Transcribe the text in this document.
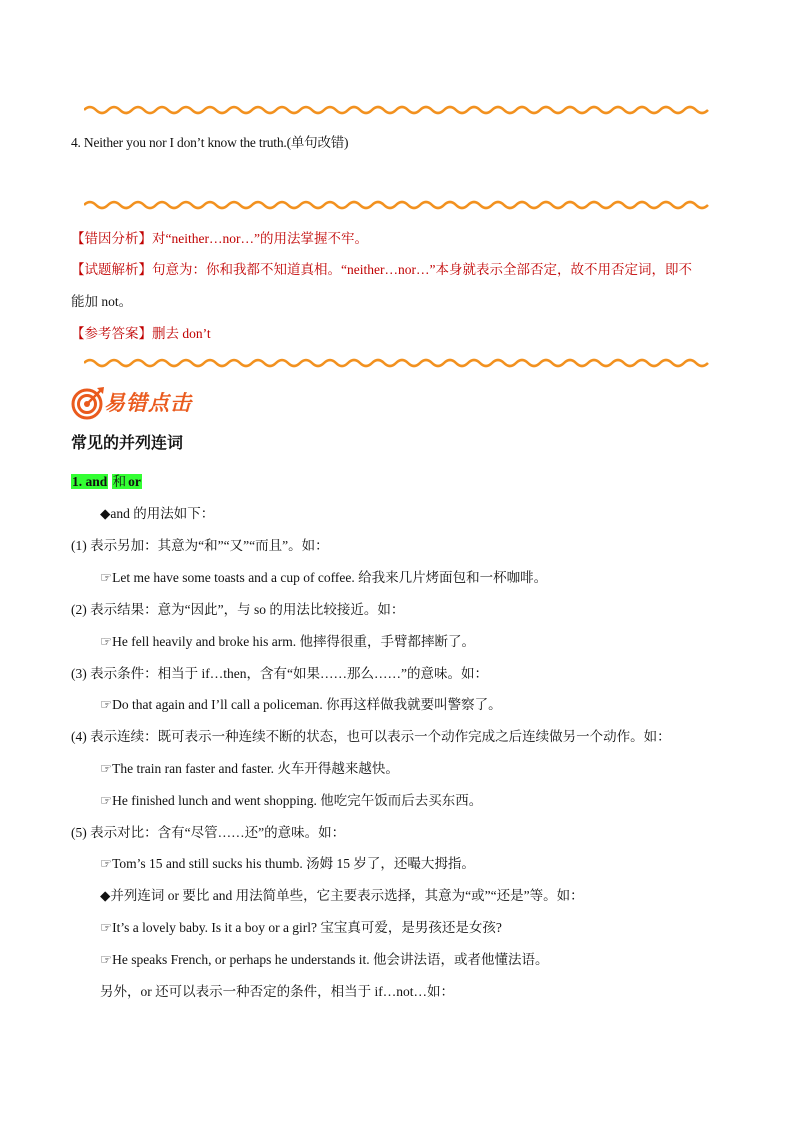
4. Neither you nor I don’t know the truth.(单句改错)
【错因分析】对“neither…nor…”的用法掌握不牢。
【试题解析】句意为：你和我都不知道真相。“neither…nor…”本身就表示全部否定，故不用否定词，即不
能加 not。
【参考答案】删去 don’t
易错点击
常见的并列连词
1. and 和 or
◆and 的用法如下：
(1) 表示另加：其意为“和”“又”“而且”。如：
☞Let me have some toasts and a cup of coffee. 给我来几片烤面包和一杯咖啡。
(2) 表示结果：意为“因此”，与 so 的用法比较接近。如：
☞He fell heavily and broke his arm. 他摔得很重，手臂都摔断了。
(3) 表示条件：相当于 if…then，含有“如果……那么……”的意味。如：
☞Do that again and I’ll call a policeman. 你再这样做我就要叫警察了。
(4) 表示连续：既可表示一种连续不断的状态，也可以表示一个动作完成之后连续做另一个动作。如：
☞The train ran faster and faster. 火车开得越来越快。
☞He finished lunch and went shopping. 他吃完午饭而后去买东西。
(5) 表示对比：含有“尽管……还”的意味。如：
☞Tom’s 15 and still sucks his thumb. 汤姆 15 岁了，还嘬大拇指。
◆并列连词 or 要比 and 用法简单些，它主要表示选择，其意为“或”“还是”等。如：
☞It’s a lovely baby. Is it a boy or a girl? 宝宝真可爱，是男孩还是女孩?
☞He speaks French, or perhaps he understands it. 他会讲法语，或者他懂法语。
另外，or 还可以表示一种否定的条件，相当于 if…not…如：
